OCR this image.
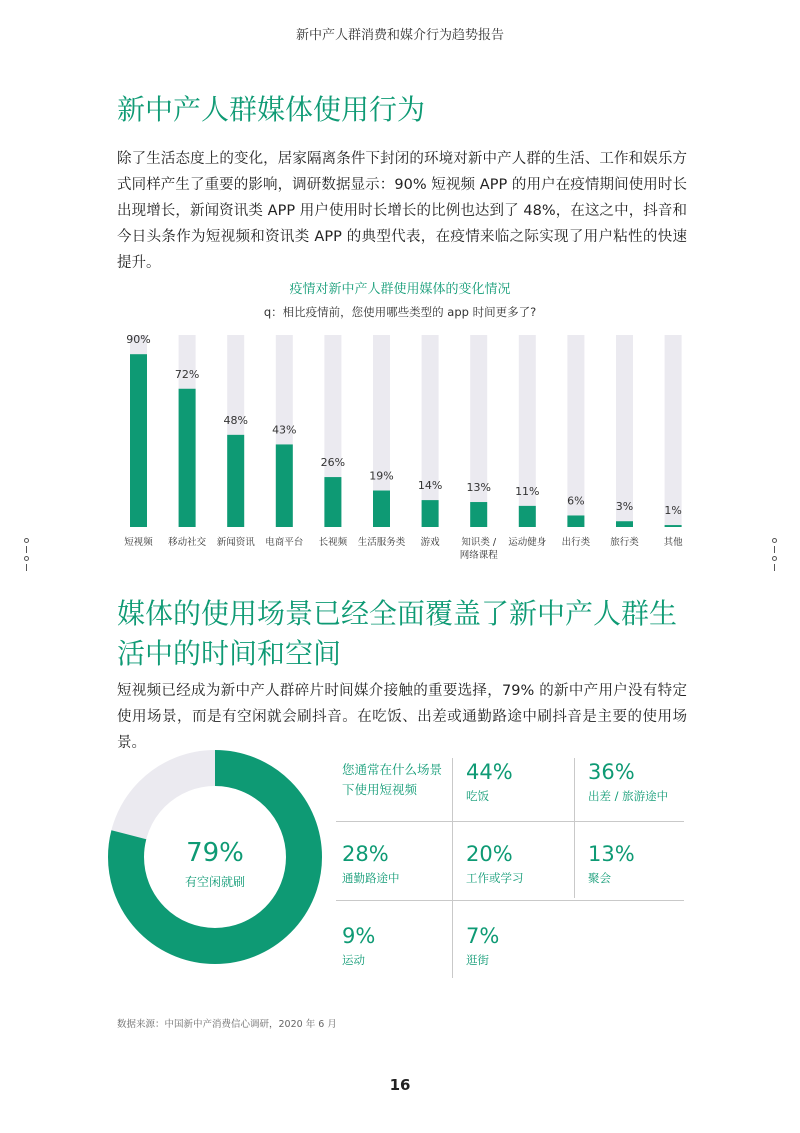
新中产人群消费和媒介行为趋势报告
新中产人群媒体使用行为

除了生活态度上的变化，居家隔离条件下封闭的环境对新中产人群的生活、工作和娱乐方式同样产生了重要的影响，调研数据显示：90% 短视频 APP 的用户在疫情期间使用时长出现增长，新闻资讯类 APP 用户使用时长增长的比例也达到了 48%，在这之中，抖音和今日头条作为短视频和资讯类 APP 的典型代表，在疫情来临之际实现了用户粘性的快速提升。

疫情对新中产人群使用媒体的变化情况
q：相比疫情前，您使用哪些类型的 app 时间更多了?
90%
短视频
72%
移动社交
48%
新闻资讯
43%
电商平台
26%
长视频
19%
生活服务类
14%
游戏
13%
知识类 /
网络课程
11%
运动健身
6%
出行类
3%
旅行类
1%
其他
媒体的使用场景已经全面覆盖了新中产人群生活中的时间和空间

短视频已经成为新中产人群碎片时间媒介接触的重要选择，79% 的新中产用户没有特定使用场景，而是有空闲就会刷抖音。在吃饭、出差或通勤路途中刷抖音是主要的使用场景。

79%
有空闲就刷
您通常在什么场景下使用短视频
44%
吃饭
36%
出差 / 旅游途中
28%
通勤路途中
20%
工作或学习
13%
聚会
9%
运动
7%
逛街
数据来源：中国新中产消费信心调研，2020 年 6 月
16
